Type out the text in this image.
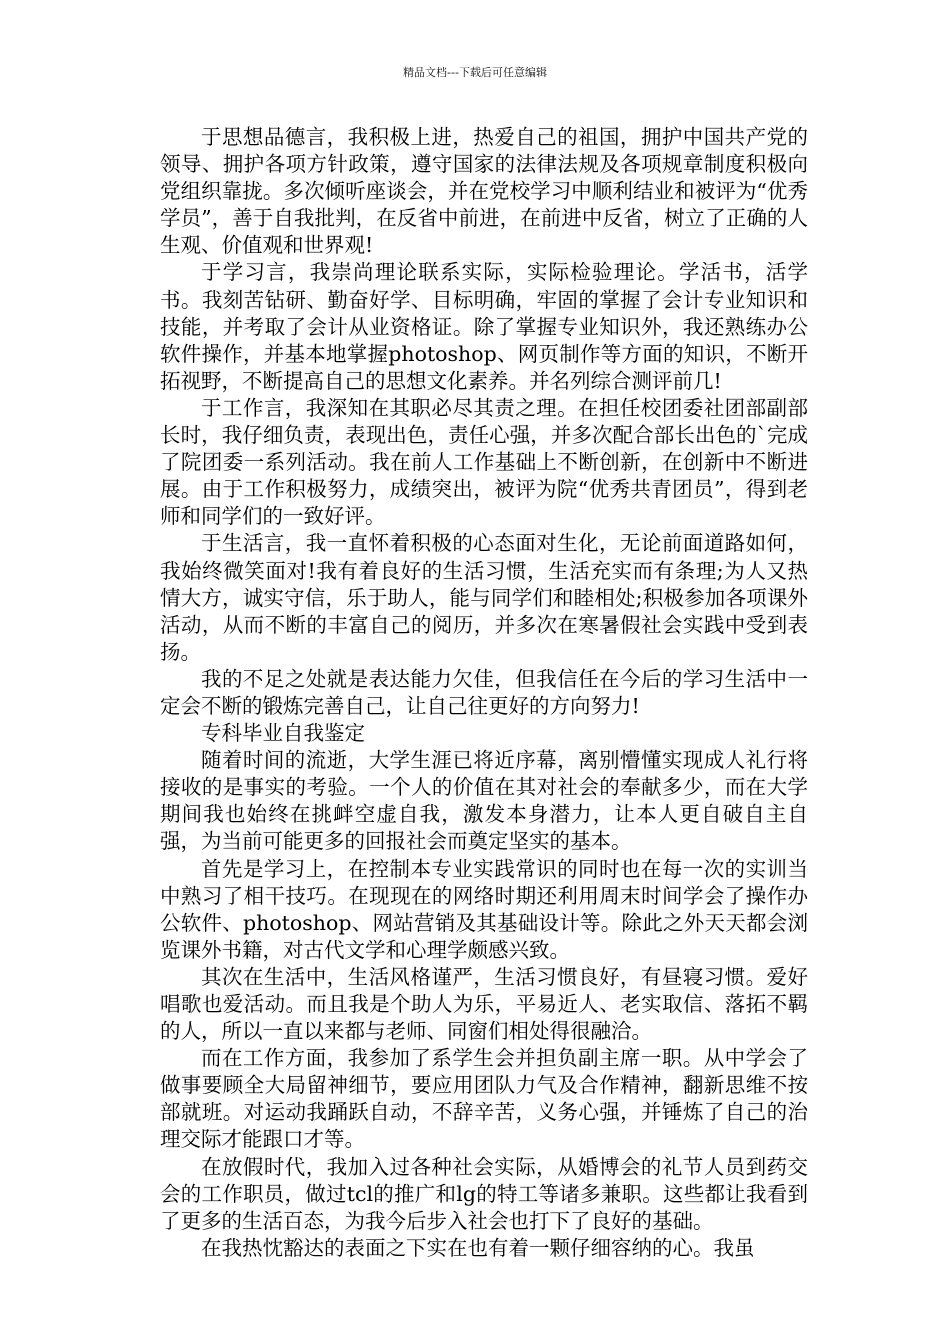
精品文档---下载后可任意编辑

于思想品德言，我积极上进，热爱自己的祖国，拥护中国共产党的领导、拥护各项方针政策，遵守国家的法律法规及各项规章制度积极向党组织靠拢。多次倾听座谈会，并在党校学习中顺利结业和被评为“优秀学员”，善于自我批判，在反省中前进，在前进中反省，树立了正确的人生观、价值观和世界观!

于学习言，我崇尚理论联系实际，实际检验理论。学活书，活学书。我刻苦钻研、勤奋好学、目标明确，牢固的掌握了会计专业知识和技能，并考取了会计从业资格证。除了掌握专业知识外，我还熟练办公软件操作，并基本地掌握photoshop、网页制作等方面的知识，不断开拓视野，不断提高自己的思想文化素养。并名列综合测评前几!

于工作言，我深知在其职必尽其责之理。在担任校团委社团部副部长时，我仔细负责，表现出色，责任心强，并多次配合部长出色的`完成了院团委一系列活动。我在前人工作基础上不断创新，在创新中不断进展。由于工作积极努力，成绩突出，被评为院“优秀共青团员”，得到老师和同学们的一致好评。

于生活言，我一直怀着积极的心态面对生化，无论前面道路如何，我始终微笑面对!我有着良好的生活习惯，生活充实而有条理;为人又热情大方，诚实守信，乐于助人，能与同学们和睦相处;积极参加各项课外活动，从而不断的丰富自己的阅历，并多次在寒暑假社会实践中受到表扬。

我的不足之处就是表达能力欠佳，但我信任在今后的学习生活中一定会不断的锻炼完善自己，让自己往更好的方向努力!

专科毕业自我鉴定

随着时间的流逝，大学生涯已将近序幕，离别懵懂实现成人礼行将接收的是事实的考验。一个人的价值在其对社会的奉献多少，而在大学期间我也始终在挑衅空虚自我，激发本身潜力，让本人更自破自主自强，为当前可能更多的回报社会而奠定坚实的基本。

首先是学习上，在控制本专业实践常识的同时也在每一次的实训当中熟习了相干技巧。在现现在的网络时期还利用周末时间学会了操作办公软件、photoshop、网站营销及其基础设计等。除此之外天天都会浏览课外书籍，对古代文学和心理学颇感兴致。

其次在生活中，生活风格谨严，生活习惯良好，有昼寝习惯。爱好唱歌也爱活动。而且我是个助人为乐，平易近人、老实取信、落拓不羁的人，所以一直以来都与老师、同窗们相处得很融洽。

而在工作方面，我参加了系学生会并担负副主席一职。从中学会了做事要顾全大局留神细节，要应用团队力气及合作精神，翻新思维不按部就班。对运动我踊跃自动，不辞辛苦，义务心强，并锤炼了自己的治理交际才能跟口才等。

在放假时代，我加入过各种社会实际，从婚博会的礼节人员到药交会的工作职员，做过tcl的推广和lg的特工等诸多兼职。这些都让我看到了更多的生活百态，为我今后步入社会也打下了良好的基础。

在我热忱豁达的表面之下实在也有着一颗仔细容纳的心。我虽
